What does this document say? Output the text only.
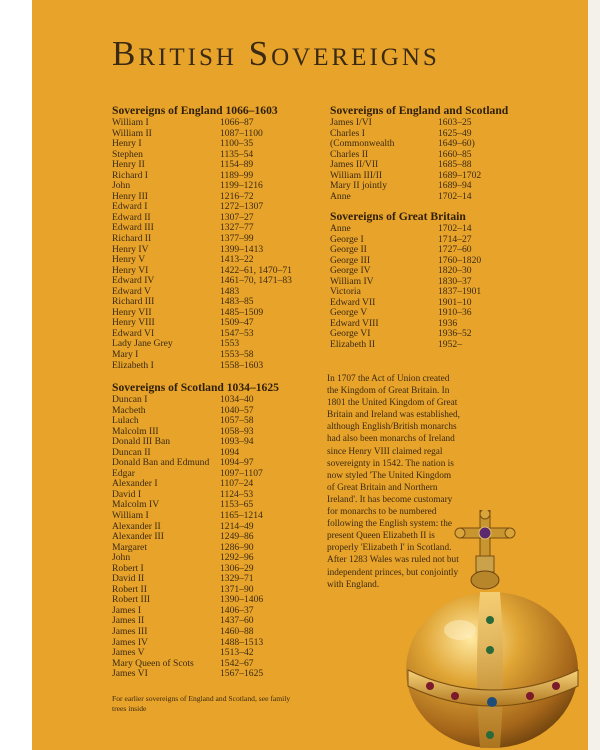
British Sovereigns
Sovereigns of England 1066–1603
William I	1066–87
William II	1087–1100
Henry I	1100–35
Stephen	1135–54
Henry II	1154–89
Richard I	1189–99
John	1199–1216
Henry III	1216–72
Edward I	1272–1307
Edward II	1307–27
Edward III	1327–77
Richard II	1377–99
Henry IV	1399–1413
Henry V	1413–22
Henry VI	1422–61, 1470–71
Edward IV	1461–70, 1471–83
Edward V	1483
Richard III	1483–85
Henry VII	1485–1509
Henry VIII	1509–47
Edward VI	1547–53
Lady Jane Grey	1553
Mary I	1553–58
Elizabeth I	1558–1603
Sovereigns of Scotland 1034–1625
Duncan I	1034–40
Macbeth	1040–57
Lulach	1057–58
Malcolm III	1058–93
Donald III Ban	1093–94
Duncan II	1094
Donald Ban and Edmund	1094–97
Edgar	1097–1107
Alexander I	1107–24
David I	1124–53
Malcolm IV	1153–65
William I	1165–1214
Alexander II	1214–49
Alexander III	1249–86
Margaret	1286–90
John	1292–96
Robert I	1306–29
David II	1329–71
Robert II	1371–90
Robert III	1390–1406
James I	1406–37
James II	1437–60
James III	1460–88
James IV	1488–1513
James V	1513–42
Mary Queen of Scots	1542–67
James VI	1567–1625
Sovereigns of England and Scotland
James I/VI	1603–25
Charles I	1625–49
(Commonwealth	1649–60)
Charles II	1660–85
James II/VII	1685–88
William III/II	1689–1702
Mary II jointly	1689–94
Anne	1702–14
Sovereigns of Great Britain
Anne	1702–14
George I	1714–27
George II	1727–60
George III	1760–1820
George IV	1820–30
William IV	1830–37
Victoria	1837–1901
Edward VII	1901–10
George V	1910–36
Edward VIII	1936
George VI	1936–52
Elizabeth II	1952–
In 1707 the Act of Union created the Kingdom of Great Britain. In 1801 the United Kingdom of Great Britain and Ireland was established, although English/British monarchs had also been monarchs of Ireland since Henry VIII claimed regal sovereignty in 1542. The nation is now styled 'The United Kingdom of Great Britain and Northern Ireland'. It has become customary for monarchs to be numbered following the English system: the present Queen Elizabeth II is properly 'Elizabeth I' in Scotland. After 1283 Wales was ruled not but independent princes, but conjointly with England.
For earlier sovereigns of England and Scotland, see family trees inside
